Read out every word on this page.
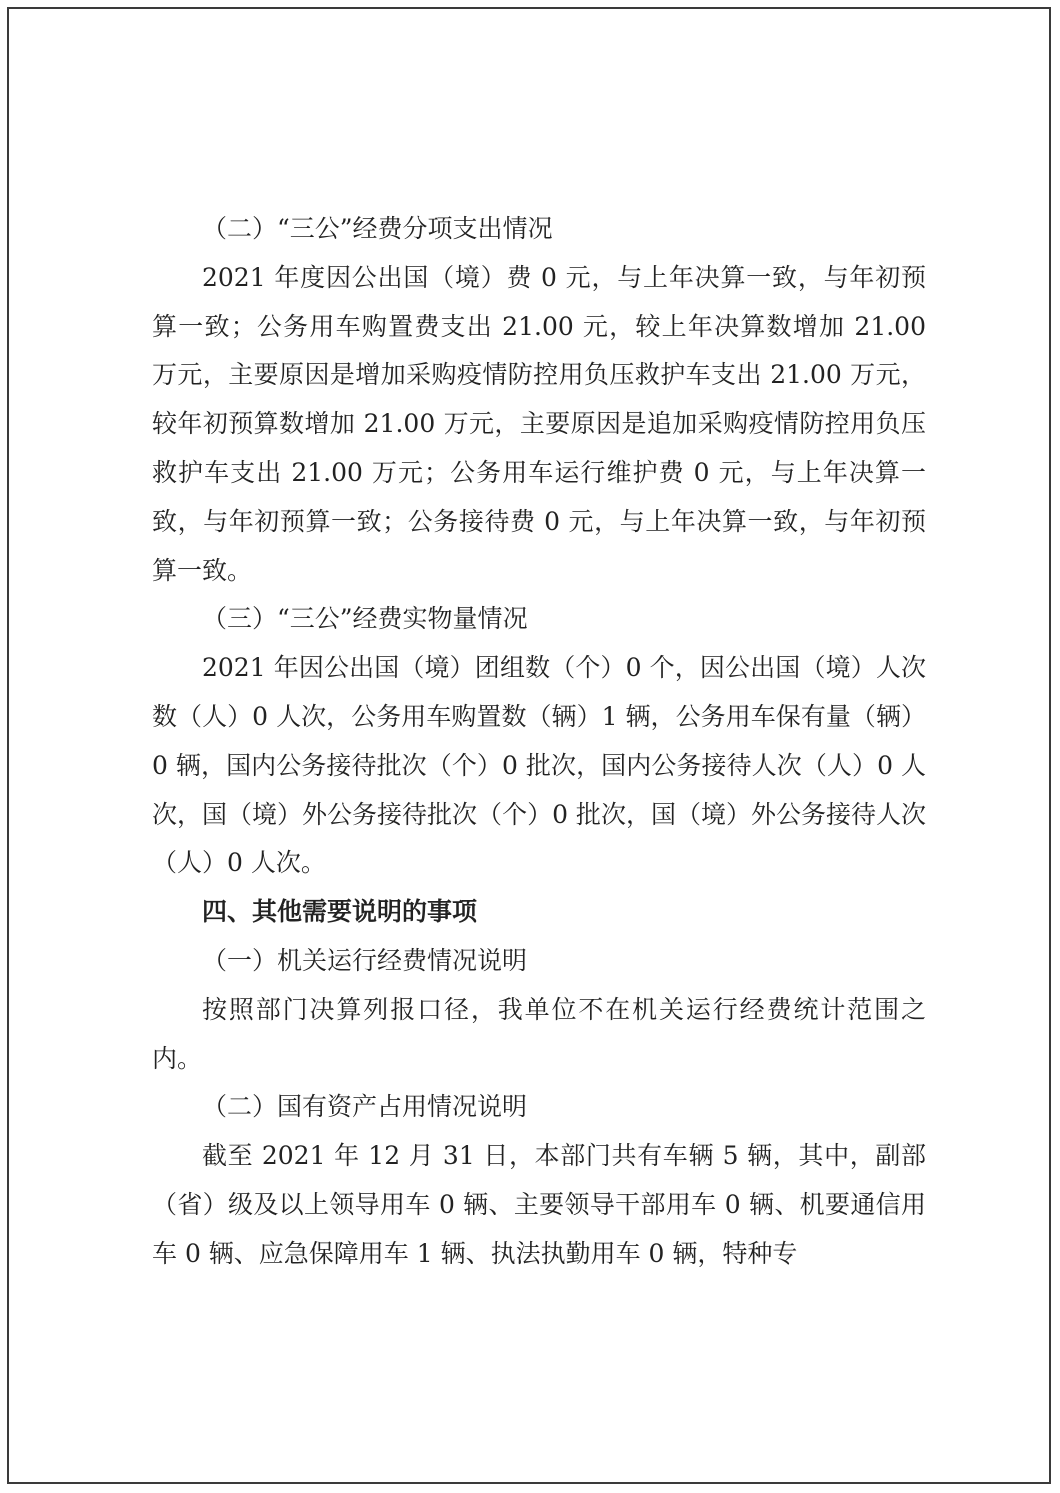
（二）“三公”经费分项支出情况

2021 年度因公出国（境）费 0 元，与上年决算一致，与年初预算一致；公务用车购置费支出 21.00 元，较上年决算数增加 21.00 万元，主要原因是增加采购疫情防控用负压救护车支出 21.00 万元，较年初预算数增加 21.00 万元，主要原因是追加采购疫情防控用负压救护车支出 21.00 万元；公务用车运行维护费 0 元，与上年决算一致，与年初预算一致；公务接待费 0 元，与上年决算一致，与年初预算一致。

（三）“三公”经费实物量情况

2021 年因公出国（境）团组数（个）0 个，因公出国（境）人次数（人）0 人次，公务用车购置数（辆）1 辆，公务用车保有量（辆）0 辆，国内公务接待批次（个）0 批次，国内公务接待人次（人）0 人次，国（境）外公务接待批次（个）0 批次，国（境）外公务接待人次（人）0 人次。

四、其他需要说明的事项

（一）机关运行经费情况说明

按照部门决算列报口径，我单位不在机关运行经费统计范围之内。

（二）国有资产占用情况说明

截至 2021 年 12 月 31 日，本部门共有车辆 5 辆，其中，副部（省）级及以上领导用车 0 辆、主要领导干部用车 0 辆、机要通信用车 0 辆、应急保障用车 1 辆、执法执勤用车 0 辆，特种专
